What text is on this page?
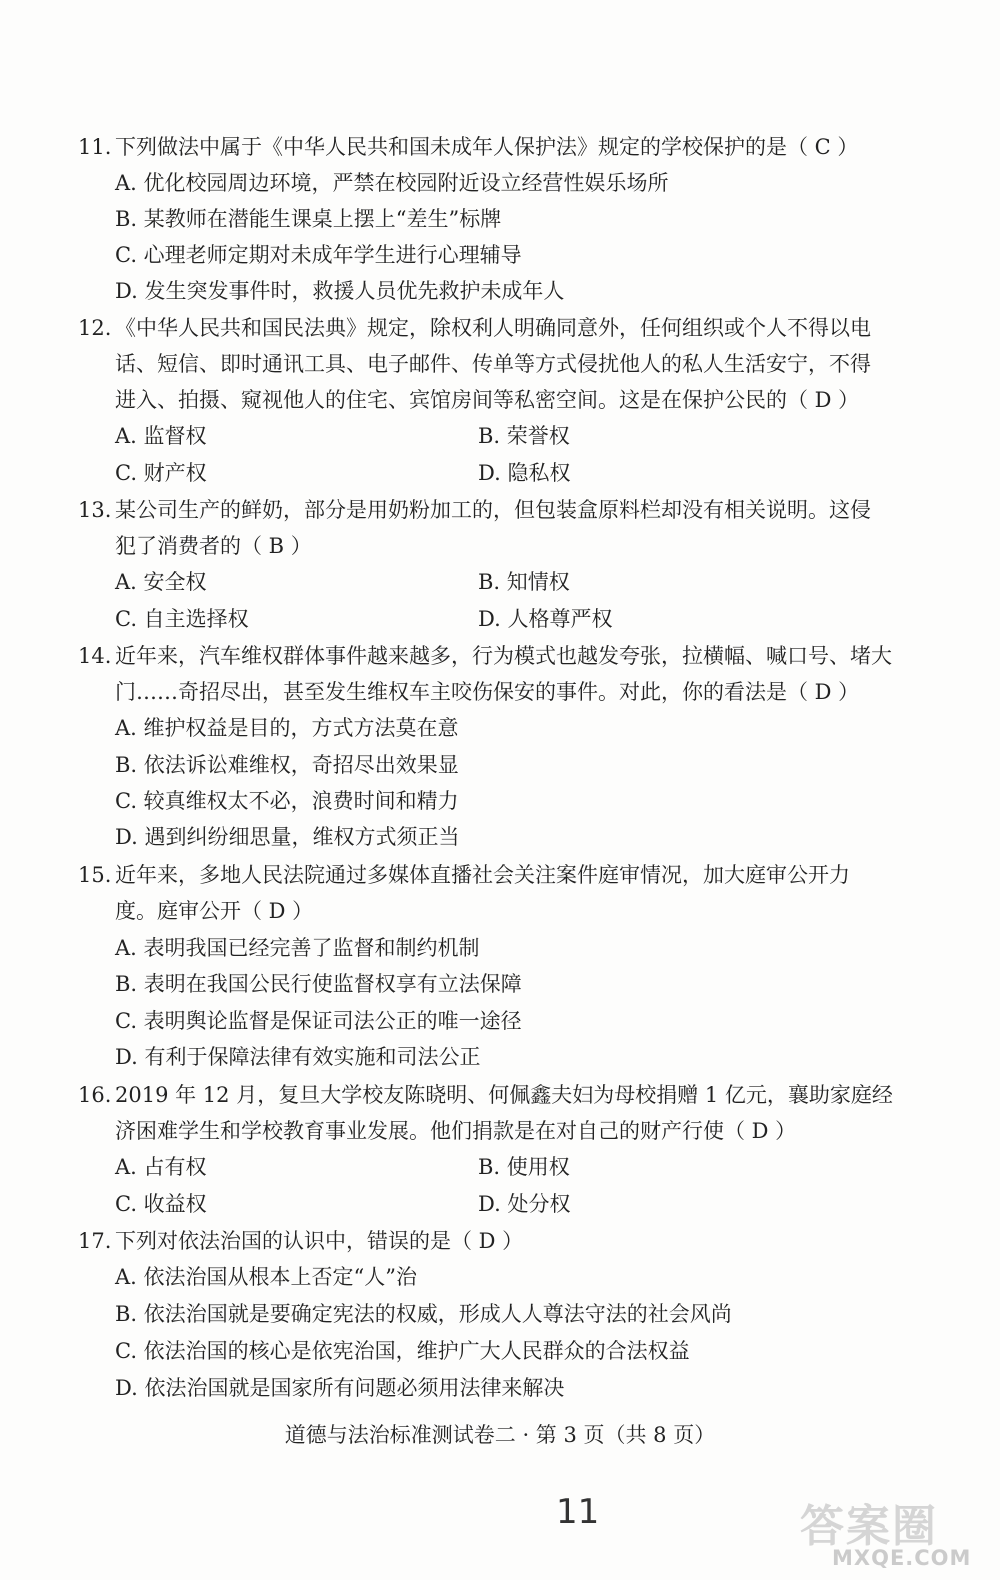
11. 下列做法中属于《中华人民共和国未成年人保护法》规定的学校保护的是（ C ）
A. 优化校园周边环境，严禁在校园附近设立经营性娱乐场所
B. 某教师在潜能生课桌上摆上“差生”标牌
C. 心理老师定期对未成年学生进行心理辅导
D. 发生突发事件时，救援人员优先救护未成年人
12. 《中华人民共和国民法典》规定，除权利人明确同意外，任何组织或个人不得以电
话、短信、即时通讯工具、电子邮件、传单等方式侵扰他人的私人生活安宁，不得
进入、拍摄、窥视他人的住宅、宾馆房间等私密空间。这是在保护公民的（ D ）
A. 监督权	B. 荣誉权
C. 财产权	D. 隐私权
13. 某公司生产的鲜奶，部分是用奶粉加工的，但包装盒原料栏却没有相关说明。这侵
犯了消费者的（ B ）
A. 安全权	B. 知情权
C. 自主选择权	D. 人格尊严权
14. 近年来，汽车维权群体事件越来越多，行为模式也越发夸张，拉横幅、喊口号、堵大
门……奇招尽出，甚至发生维权车主咬伤保安的事件。对此，你的看法是（ D ）
A. 维护权益是目的，方式方法莫在意
B. 依法诉讼难维权，奇招尽出效果显
C. 较真维权太不必，浪费时间和精力
D. 遇到纠纷细思量，维权方式须正当
15. 近年来，多地人民法院通过多媒体直播社会关注案件庭审情况，加大庭审公开力
度。庭审公开（ D ）
A. 表明我国已经完善了监督和制约机制
B. 表明在我国公民行使监督权享有立法保障
C. 表明舆论监督是保证司法公正的唯一途径
D. 有利于保障法律有效实施和司法公正
16. 2019 年 12 月，复旦大学校友陈晓明、何佩鑫夫妇为母校捐赠 1 亿元，襄助家庭经
济困难学生和学校教育事业发展。他们捐款是在对自己的财产行使（ D ）
A. 占有权	B. 使用权
C. 收益权	D. 处分权
17. 下列对依法治国的认识中，错误的是（ D ）
A. 依法治国从根本上否定“人”治
B. 依法治国就是要确定宪法的权威，形成人人尊法守法的社会风尚
C. 依法治国的核心是依宪治国，维护广大人民群众的合法权益
D. 依法治国就是国家所有问题必须用法律来解决
道德与法治标准测试卷二 · 第 3 页（共 8 页）
11	答案圈
MXQE.COM
